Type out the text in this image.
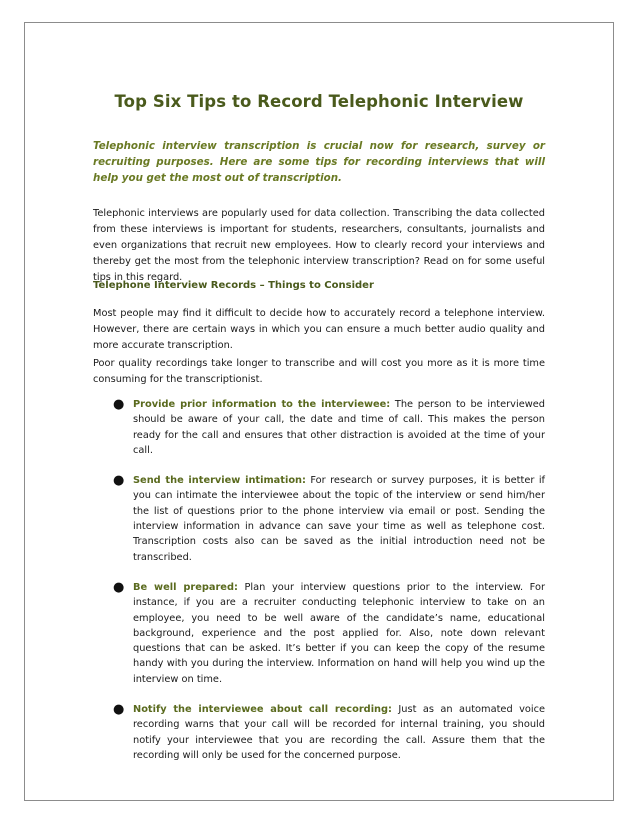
Top Six Tips to Record Telephonic Interview
Telephonic interview transcription is crucial now for research, survey or recruiting purposes. Here are some tips for recording interviews that will help you get the most out of transcription.
Telephonic interviews are popularly used for data collection. Transcribing the data collected from these interviews is important for students, researchers, consultants, journalists and even organizations that recruit new employees. How to clearly record your interviews and thereby get the most from the telephonic interview transcription? Read on for some useful tips in this regard.
Telephone Interview Records – Things to Consider
Most people may find it difficult to decide how to accurately record a telephone interview. However, there are certain ways in which you can ensure a much better audio quality and more accurate transcription.
Poor quality recordings take longer to transcribe and will cost you more as it is more time consuming for the transcriptionist.
● Provide prior information to the interviewee: The person to be interviewed should be aware of your call, the date and time of call. This makes the person ready for the call and ensures that other distraction is avoided at the time of your call.
● Send the interview intimation: For research or survey purposes, it is better if you can intimate the interviewee about the topic of the interview or send him/her the list of questions prior to the phone interview via email or post. Sending the interview information in advance can save your time as well as telephone cost. Transcription costs also can be saved as the initial introduction need not be transcribed.
● Be well prepared: Plan your interview questions prior to the interview. For instance, if you are a recruiter conducting telephonic interview to take on an employee, you need to be well aware of the candidate’s name, educational background, experience and the post applied for. Also, note down relevant questions that can be asked. It’s better if you can keep the copy of the resume handy with you during the interview. Information on hand will help you wind up the interview on time.
● Notify the interviewee about call recording: Just as an automated voice recording warns that your call will be recorded for internal training, you should notify your interviewee that you are recording the call. Assure them that the recording will only be used for the concerned purpose.
